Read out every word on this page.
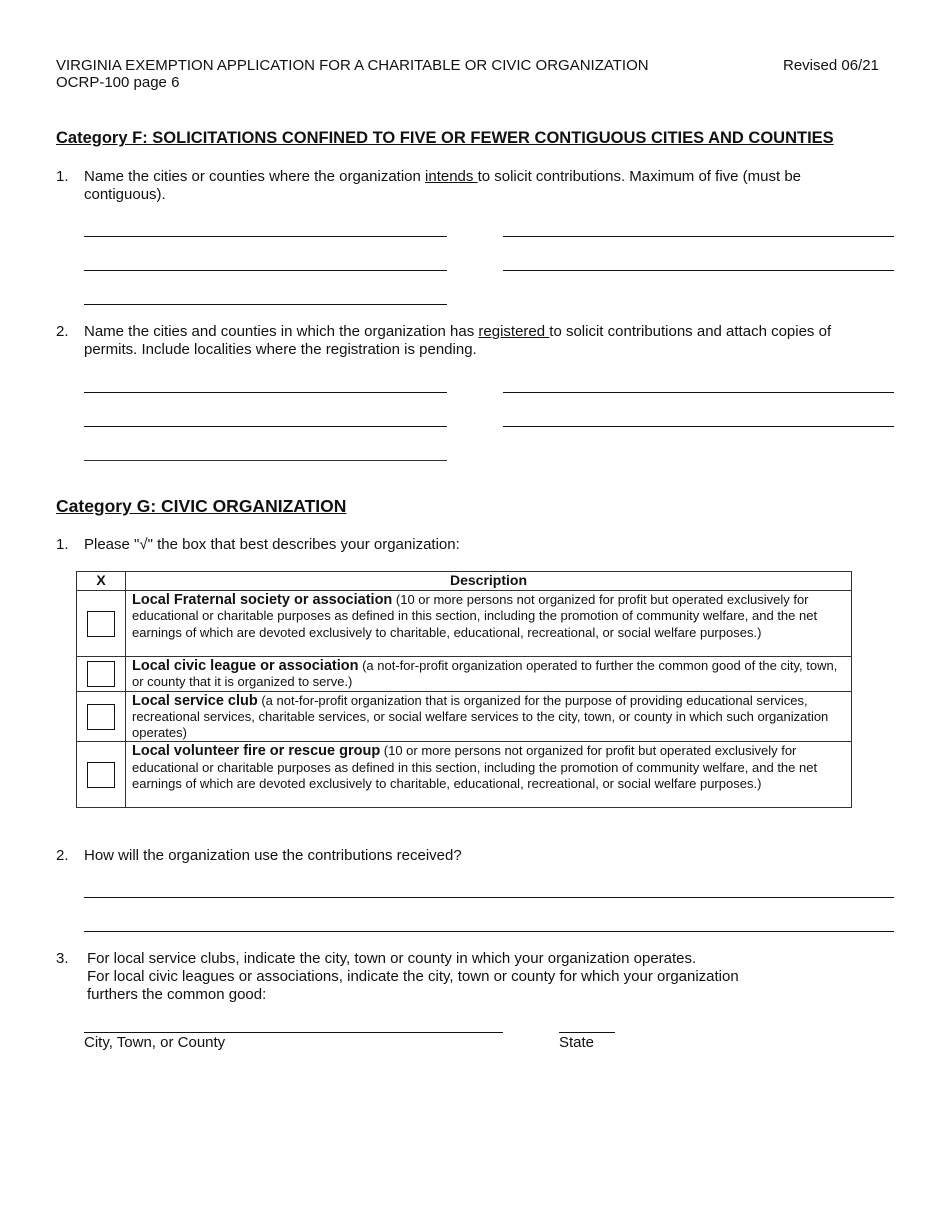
VIRGINIA EXEMPTION APPLICATION FOR A CHARITABLE OR CIVIC ORGANIZATION
OCRP-100 page 6
Revised 06/21
Category F: SOLICITATIONS CONFINED TO FIVE OR FEWER CONTIGUOUS CITIES AND COUNTIES
1. Name the cities or counties where the organization intends to solicit contributions. Maximum of five (must be contiguous).
2. Name the cities and counties in which the organization has registered to solicit contributions and attach copies of permits. Include localities where the registration is pending.
Category G: CIVIC ORGANIZATION
1. Please "√" the box that best describes your organization:
X	Description

	Local Fraternal society or association (10 or more persons not organized for profit but operated exclusively for educational or charitable purposes as defined in this section, including the promotion of community welfare, and the net earnings of which are devoted exclusively to charitable, educational, recreational, or social welfare purposes.)

	Local civic league or association (a not-for-profit organization operated to further the common good of the city, town, or county that it is organized to serve.)

	Local service club (a not-for-profit organization that is organized for the purpose of providing educational services, recreational services, charitable services, or social welfare services to the city, town, or county in which such organization operates)

	Local volunteer fire or rescue group (10 or more persons not organized for profit but operated exclusively for educational or charitable purposes as defined in this section, including the promotion of community welfare, and the net earnings of which are devoted exclusively to charitable, educational, recreational, or social welfare purposes.)
2. How will the organization use the contributions received?
3. For local service clubs, indicate the city, town or county in which your organization operates.
For local civic leagues or associations, indicate the city, town or county for which your organization
furthers the common good:
City, Town, or County	State
